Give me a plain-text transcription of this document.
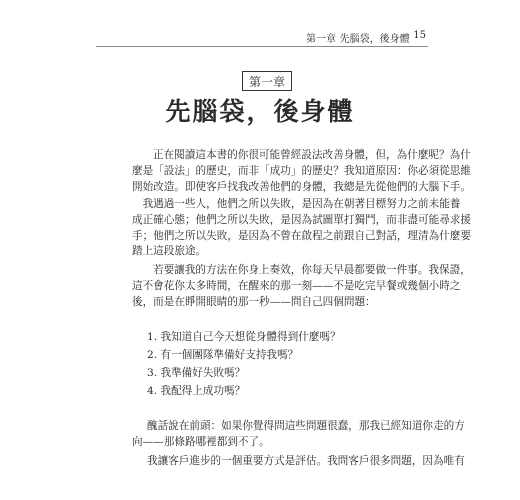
第一章 先腦袋，後身體 15
第一章
先腦袋，後身體
正在閱讀這本書的你很可能曾經設法改善身體，但，為什麼呢？為什
麼是「設法」的歷史，而非「成功」的歷史？我知道原因：你必須從思維
開始改造。即使客戶找我改善他們的身體，我總是先從他們的大腦下手。
　我遇過一些人，他們之所以失敗，是因為在朝著目標努力之前未能養
成正確心態；他們之所以失敗，是因為試圖單打獨鬥，而非盡可能尋求援
手；他們之所以失敗，是因為不曾在啟程之前跟自己對話，理清為什麼要
踏上這段旅途。
若要讓我的方法在你身上奏效，你每天早晨都要做一件事。我保證，
這不會花你太多時間，在醒來的那一刻——不是吃完早餐或幾個小時之
後，而是在睜開眼睛的那一秒——問自己四個問題：
1. 我知道自己今天想從身體得到什麼嗎？
2. 有一個團隊準備好支持我嗎？
3. 我準備好失敗嗎？
4. 我配得上成功嗎？
醜話說在前頭：如果你覺得問這些問題很蠢，那我已經知道你走的方
向——那條路哪裡都到不了。
我讓客戶進步的一個重要方式是評估。我問客戶很多問題，因為唯有
